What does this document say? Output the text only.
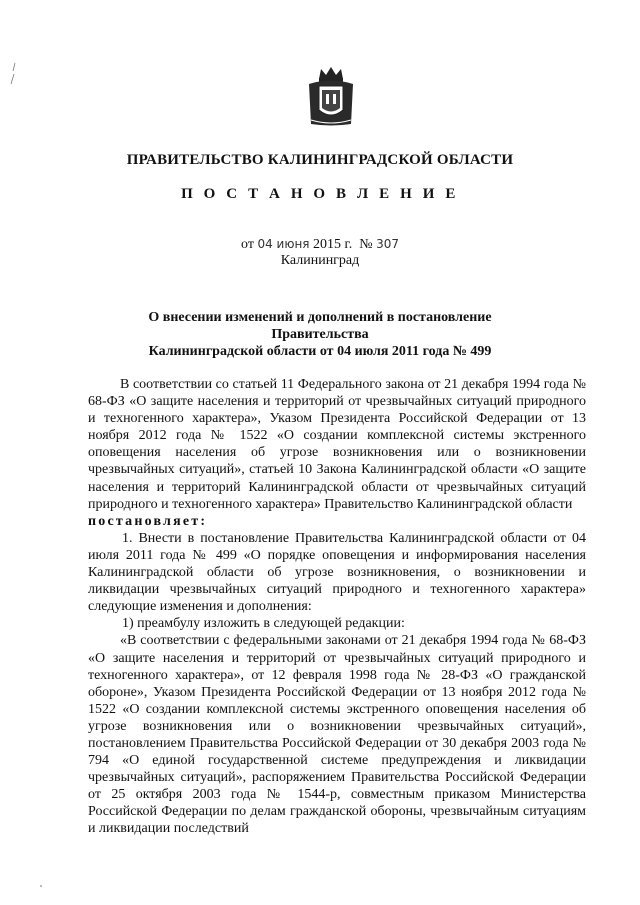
ПРАВИТЕЛЬСТВО КАЛИНИНГРАДСКОЙ ОБЛАСТИ
П О С Т А Н О В Л Е Н И Е
от 04 июня 2015 г. № 307
Калининград
О внесении изменений и дополнений в постановление Правительства
Калининградской области от 04 июля 2011 года № 499

В соответствии со статьей 11 Федерального закона от 21 декабря 1994 года № 68-ФЗ «О защите населения и территорий от чрезвычайных ситуаций природного и техногенного характера», Указом Президента Российской Федерации от 13 ноября 2012 года № 1522 «О создании комплексной системы экстренного оповещения населения об угрозе возникновения или о возникновении чрезвычайных ситуаций», статьей 10 Закона Калининградской области «О защите населения и территорий Калининградской области от чрезвычайных ситуаций природного и техногенного характера» Правительство Калининградской области

постановляет:

1. Внести в постановление Правительства Калининградской области от 04 июля 2011 года № 499 «О порядке оповещения и информирования населения Калининградской области об угрозе возникновения, о возникновении и ликвидации чрезвычайных ситуаций природного и техногенного характера» следующие изменения и дополнения:

1) преамбулу изложить в следующей редакции:

«В соответствии с федеральными законами от 21 декабря 1994 года № 68-ФЗ «О защите населения и территорий от чрезвычайных ситуаций природного и техногенного характера», от 12 февраля 1998 года № 28-ФЗ «О гражданской обороне», Указом Президента Российской Федерации от 13 ноября 2012 года № 1522 «О создании комплексной системы экстренного оповещения населения об угрозе возникновения или о возникновении чрезвычайных ситуаций», постановлением Правительства Российской Федерации от 30 декабря 2003 года № 794 «О единой государственной системе предупреждения и ликвидации чрезвычайных ситуаций», распоряжением Правительства Российской Федерации от 25 октября 2003 года № 1544-р, совместным приказом Министерства Российской Федерации по делам гражданской обороны, чрезвычайным ситуациям и ликвидации последствий
